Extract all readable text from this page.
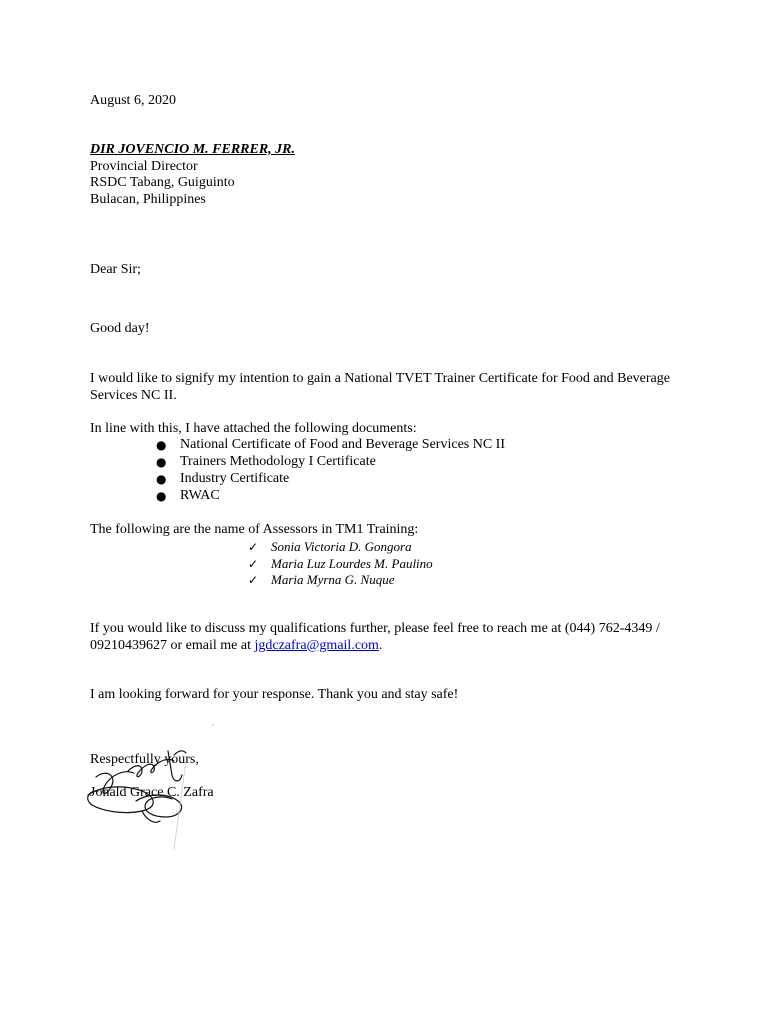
August 6, 2020

DIR JOVENCIO M. FERRER, JR.
Provincial Director
RSDC Tabang, Guiguinto
Bulacan, Philippines

Dear Sir;

Good day!

I would like to signify my intention to gain a National TVET Trainer Certificate for Food and Beverage Services NC II.

In line with this, I have attached the following documents:

● National Certificate of Food and Beverage Services NC II
● Trainers Methodology I Certificate
● Industry Certificate
● RWAC

The following are the name of Assessors in TM1 Training:

✓ Sonia Victoria D. Gongora
✓ Maria Luz Lourdes M. Paulino
✓ Maria Myrna G. Nuque
If you would like to discuss my qualifications further, please feel free to reach me at (044) 762-4349 /
09210439627 or email me at jgdczafra@gmail.com.

I am looking forward for your response. Thank you and stay safe!

Respectfully yours,

Jonald Grace C. Zafra
